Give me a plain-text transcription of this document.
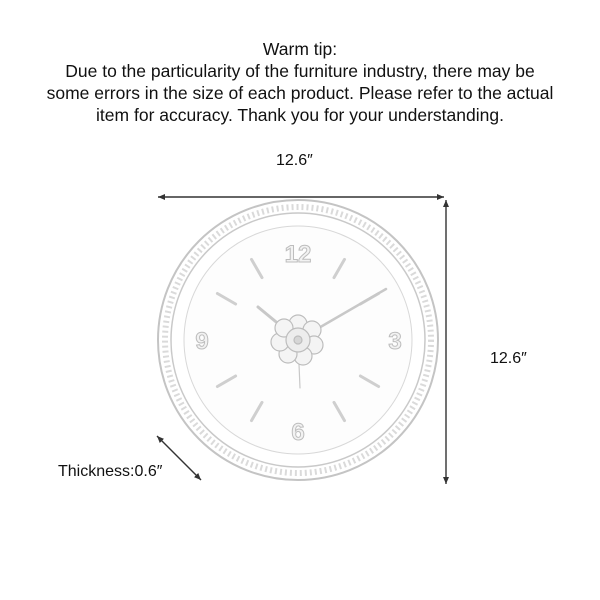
Warm tip:
Due to the particularity of the furniture industry, there may be
some errors in the size of each product. Please refer to the actual
item for accuracy. Thank you for your understanding.
12.6″
12.6″
Thickness:0.6″
12
3
6
9
